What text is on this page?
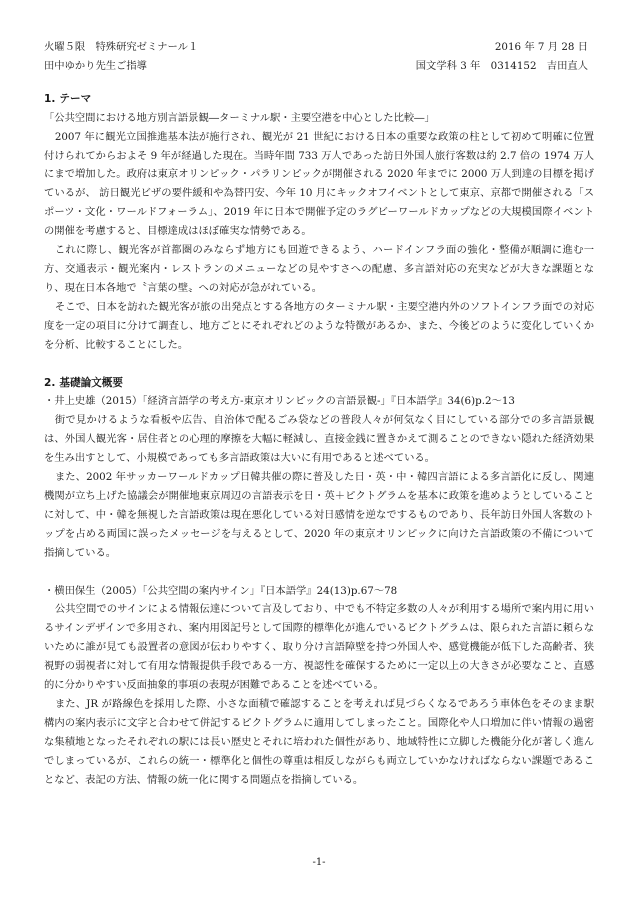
火曜５限　特殊研究ゼミナール１	2016 年 7 月 28 日
田中ゆかり先生ご指導	国文学科 3 年　0314152　吉田直人
1. テーマ

「公共空間における地方別言語景観―ターミナル駅・主要空港を中心とした比較―」

2007 年に観光立国推進基本法が施行され、観光が 21 世紀における日本の重要な政策の柱として初めて明確に位置付けられてからおよそ 9 年が経過した現在。当時年間 733 万人であった訪日外国人旅行客数は約 2.7 倍の 1974 万人にまで増加した。政府は東京オリンピック・パラリンピックが開催される 2020 年までに 2000 万人到達の目標を掲げているが、 訪日観光ビザの要件緩和や為替円安、今年 10 月にキックオフイベントとして東京、京都で開催される「スポーツ・文化・ワールドフォーラム」、2019 年に日本で開催予定のラグビーワールドカップなどの大規模国際イベントの開催を考慮すると、目標達成はほぼ確実な情勢である。

これに際し、観光客が首都圏のみならず地方にも回遊できるよう、ハードインフラ面の強化・整備が順調に進む一方、交通表示・観光案内・レストランのメニューなどの見やすさへの配慮、多言語対応の充実などが大きな課題となり、現在日本各地で〝言葉の壁〟への対応が急がれている。

そこで、日本を訪れた観光客が旅の出発点とする各地方のターミナル駅・主要空港内外のソフトインフラ面での対応度を一定の項目に分けて調査し、地方ごとにそれぞれどのような特徴があるか、また、今後どのように変化していくかを分析、比較することにした。

2. 基礎論文概要

・井上史雄（2015）「経済言語学の考え方-東京オリンピックの言語景観-」『日本語学』34(6)p.2～13

街で見かけるような看板や広告、自治体で配るごみ袋などの普段人々が何気なく目にしている部分での多言語景観は、外国人観光客・居住者との心理的摩擦を大幅に軽減し、直接金銭に置きかえて測ることのできない隠れた経済効果を生み出すとして、小規模であっても多言語政策は大いに有用であると述べている。

また、2002 年サッカーワールドカップ日韓共催の際に普及した日・英・中・韓四言語による多言語化に反し、関連機関が立ち上げた協議会が開催地東京周辺の言語表示を日・英＋ピクトグラムを基本に政策を進めようとしていることに対して、中・韓を無視した言語政策は現在悪化している対日感情を逆なでするものであり、長年訪日外国人客数のトップを占める両国に誤ったメッセージを与えるとして、2020 年の東京オリンピックに向けた言語政策の不備について指摘している。

・横田保生（2005）「公共空間の案内サイン」『日本語学』24(13)p.67～78

公共空間でのサインによる情報伝達について言及しており、中でも不特定多数の人々が利用する場所で案内用に用いるサインデザインで多用され、案内用図記号として国際的標準化が進んでいるピクトグラムは、限られた言語に頼らないために誰が見ても設置者の意図が伝わりやすく、取り分け言語障壁を持つ外国人や、感覚機能が低下した高齢者、狭視野の弱視者に対して有用な情報提供手段である一方、視認性を確保するために一定以上の大きさが必要なこと、直感的に分かりやすい反面抽象的事項の表現が困難であることを述べている。

また、JR が路線色を採用した際、小さな面積で確認することを考えれば見づらくなるであろう車体色をそのまま駅構内の案内表示に文字と合わせて併記するピクトグラムに適用してしまったこと。国際化や人口増加に伴い情報の過密な集積地となったそれぞれの駅には長い歴史とそれに培われた個性があり、地域特性に立脚した機能分化が著しく進んでしまっているが、これらの統一・標準化と個性の尊重は相反しながらも両立していかなければならない課題であることなど、表記の方法、情報の統一化に関する問題点を指摘している。

-1-
